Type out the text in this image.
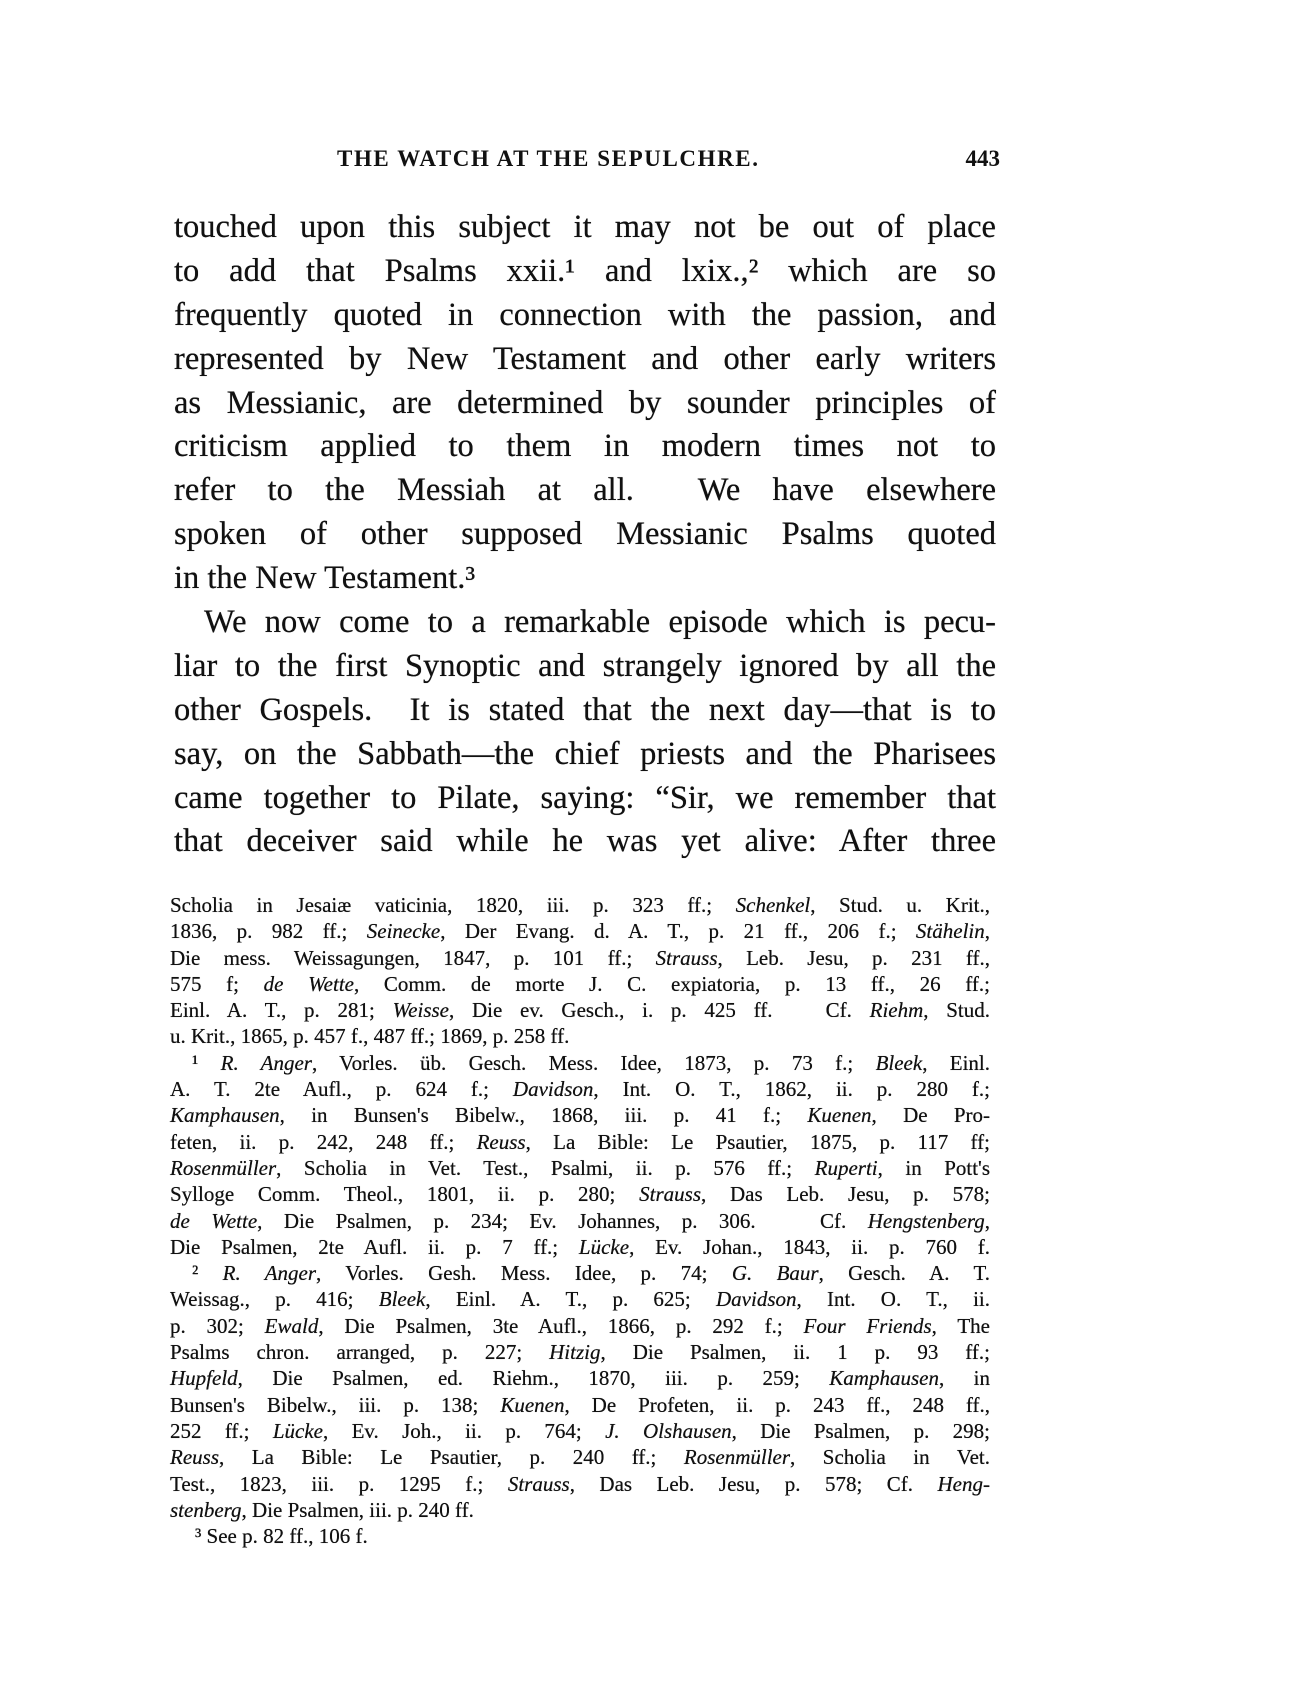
THE WATCH AT THE SEPULCHRE.	443
touched upon this subject it may not be out of place
to add that Psalms xxii.¹ and lxix.,² which are so
frequently quoted in connection with the passion, and
represented by New Testament and other early writers
as Messianic, are determined by sounder principles of
criticism applied to them in modern times not to
refer to the Messiah at all.  We have elsewhere
spoken of other supposed Messianic Psalms quoted
in the New Testament.³
We now come to a remarkable episode which is pecu-
liar to the first Synoptic and strangely ignored by all the
other Gospels.  It is stated that the next day—that is to
say, on the Sabbath—the chief priests and the Pharisees
came together to Pilate, saying: “Sir, we remember that
that deceiver said while he was yet alive: After three
Scholia in Jesaiæ vaticinia, 1820, iii. p. 323 ff.; Schenkel, Stud. u. Krit.,
1836, p. 982 ff.; Seinecke, Der Evang. d. A. T., p. 21 ff., 206 f.; Stähelin,
Die mess. Weissagungen, 1847, p. 101 ff.; Strauss, Leb. Jesu, p. 231 ff.,
575 f; de Wette, Comm. de morte J. C. expiatoria, p. 13 ff., 26 ff.;
Einl. A. T., p. 281; Weisse, Die ev. Gesch., i. p. 425 ff.   Cf. Riehm, Stud.
u. Krit., 1865, p. 457 f., 487 ff.; 1869, p. 258 ff.
¹ R. Anger, Vorles. üb. Gesch. Mess. Idee, 1873, p. 73 f.; Bleek, Einl.
A. T. 2te Aufl., p. 624 f.; Davidson, Int. O. T., 1862, ii. p. 280 f.;
Kamphausen, in Bunsen's Bibelw., 1868, iii. p. 41 f.; Kuenen, De Pro-
feten, ii. p. 242, 248 ff.; Reuss, La Bible: Le Psautier, 1875, p. 117 ff;
Rosenmüller, Scholia in Vet. Test., Psalmi, ii. p. 576 ff.; Ruperti, in Pott's
Sylloge Comm. Theol., 1801, ii. p. 280; Strauss, Das Leb. Jesu, p. 578;
de Wette, Die Psalmen, p. 234; Ev. Johannes, p. 306.   Cf. Hengstenberg,
Die Psalmen, 2te Aufl. ii. p. 7 ff.; Lücke, Ev. Johan., 1843, ii. p. 760 f.
² R. Anger, Vorles. Gesh. Mess. Idee, p. 74; G. Baur, Gesch. A. T.
Weissag., p. 416; Bleek, Einl. A. T., p. 625; Davidson, Int. O. T., ii.
p. 302; Ewald, Die Psalmen, 3te Aufl., 1866, p. 292 f.; Four Friends, The
Psalms chron. arranged, p. 227; Hitzig, Die Psalmen, ii. 1 p. 93 ff.;
Hupfeld, Die Psalmen, ed. Riehm., 1870, iii. p. 259; Kamphausen, in
Bunsen's Bibelw., iii. p. 138; Kuenen, De Profeten, ii. p. 243 ff., 248 ff.,
252 ff.; Lücke, Ev. Joh., ii. p. 764; J. Olshausen, Die Psalmen, p. 298;
Reuss, La Bible: Le Psautier, p. 240 ff.; Rosenmüller, Scholia in Vet.
Test., 1823, iii. p. 1295 f.; Strauss, Das Leb. Jesu, p. 578; Cf. Heng-
stenberg, Die Psalmen, iii. p. 240 ff.
³ See p. 82 ff., 106 f.
